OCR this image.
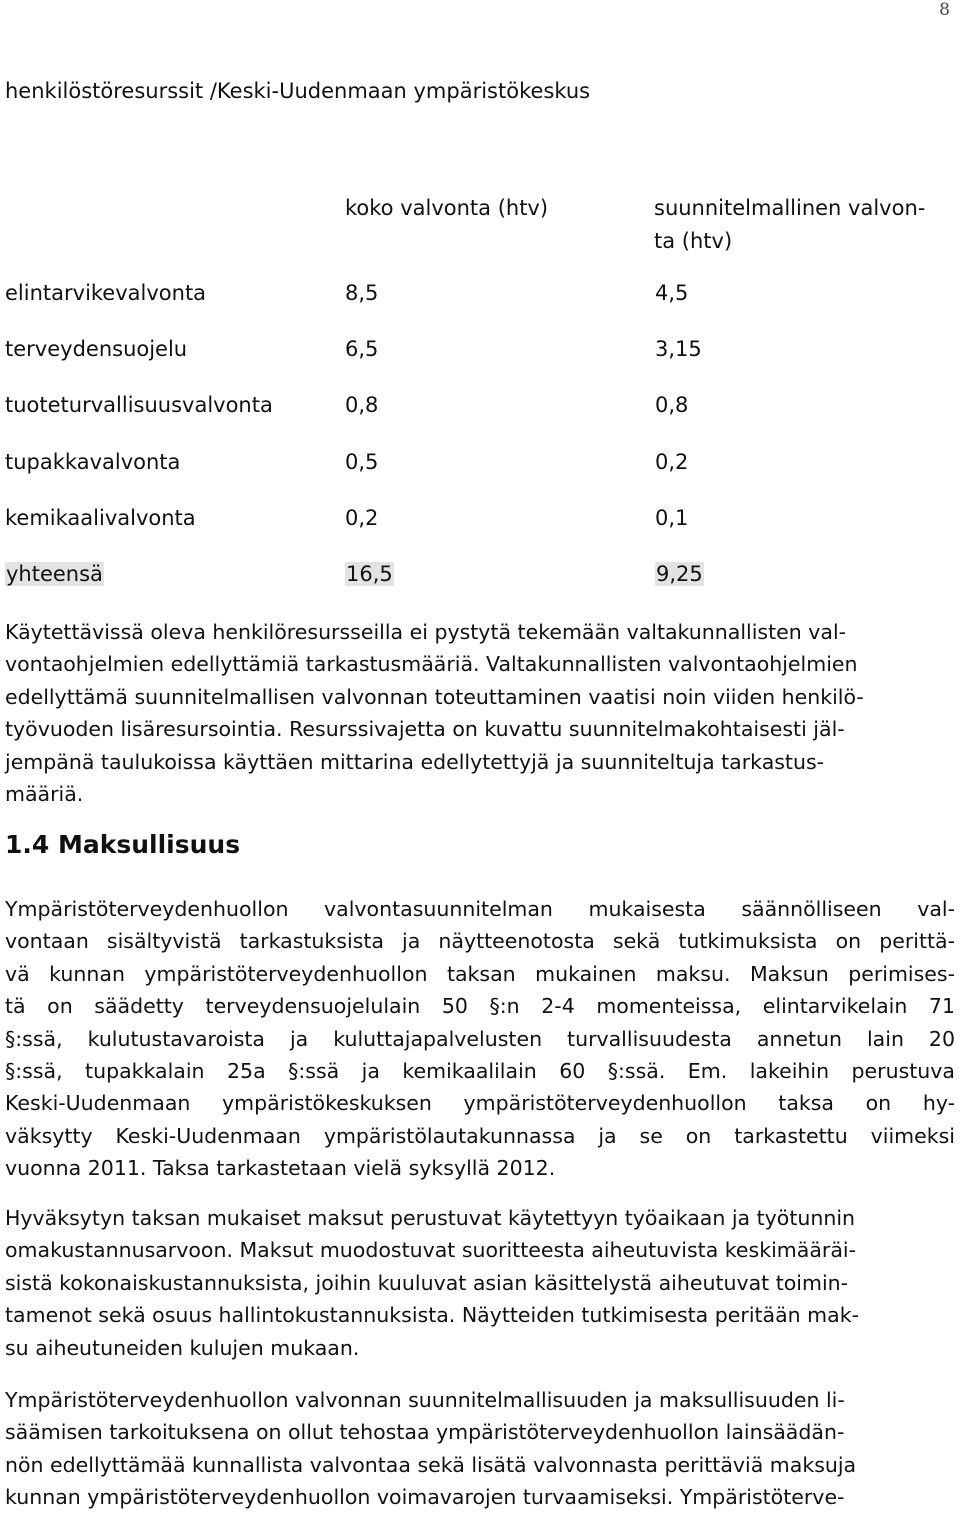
8
henkilöstöresurssit /Keski-Uudenmaan ympäristökeskus
koko valvonta (htv)	suunnitelmallinen valvon-
ta (htv)
elintarvikevalvonta	8,5	4,5
terveydensuojelu	6,5	3,15
tuoteturvallisuusvalvonta	0,8	0,8
tupakkavalvonta	0,5	0,2
kemikaalivalvonta	0,2	0,1
yhteensä	16,5	9,25
Käytettävissä oleva henkilöresursseilla ei pystytä tekemään valtakunnallisten val-
vontaohjelmien edellyttämiä tarkastusmääriä. Valtakunnallisten valvontaohjelmien
edellyttämä suunnitelmallisen valvonnan toteuttaminen vaatisi noin viiden henkilö-
työvuoden lisäresursointia. Resurssivajetta on kuvattu suunnitelmakohtaisesti jäl-
jempänä taulukoissa käyttäen mittarina edellytettyjä ja suunniteltuja tarkastus-
määriä.
1.4 Maksullisuus
Ympäristöterveydenhuollon valvontasuunnitelman mukaisesta säännölliseen val-
vontaan sisältyvistä tarkastuksista ja näytteenotosta sekä tutkimuksista on perittä-
vä kunnan ympäristöterveydenhuollon taksan mukainen maksu. Maksun perimises-
tä on säädetty terveydensuojelulain 50 §:n 2-4 momenteissa, elintarvikelain 71
§:ssä, kulutustavaroista ja kuluttajapalvelusten turvallisuudesta annetun lain 20
§:ssä, tupakkalain 25a §:ssä ja kemikaalilain 60 §:ssä. Em. lakeihin perustuva
Keski-Uudenmaan ympäristökeskuksen ympäristöterveydenhuollon taksa on hy-
väksytty Keski-Uudenmaan ympäristölautakunnassa ja se on tarkastettu viimeksi
vuonna 2011. Taksa tarkastetaan vielä syksyllä 2012.
Hyväksytyn taksan mukaiset maksut perustuvat käytettyyn työaikaan ja työtunnin
omakustannusarvoon. Maksut muodostuvat suoritteesta aiheutuvista keskimääräi-
sistä kokonaiskustannuksista, joihin kuuluvat asian käsittelystä aiheutuvat toimin-
tamenot sekä osuus hallintokustannuksista. Näytteiden tutkimisesta peritään mak-
su aiheutuneiden kulujen mukaan.
Ympäristöterveydenhuollon valvonnan suunnitelmallisuuden ja maksullisuuden li-
säämisen tarkoituksena on ollut tehostaa ympäristöterveydenhuollon lainsäädän-
nön edellyttämää kunnallista valvontaa sekä lisätä valvonnasta perittäviä maksuja
kunnan ympäristöterveydenhuollon voimavarojen turvaamiseksi. Ympäristöterve-
